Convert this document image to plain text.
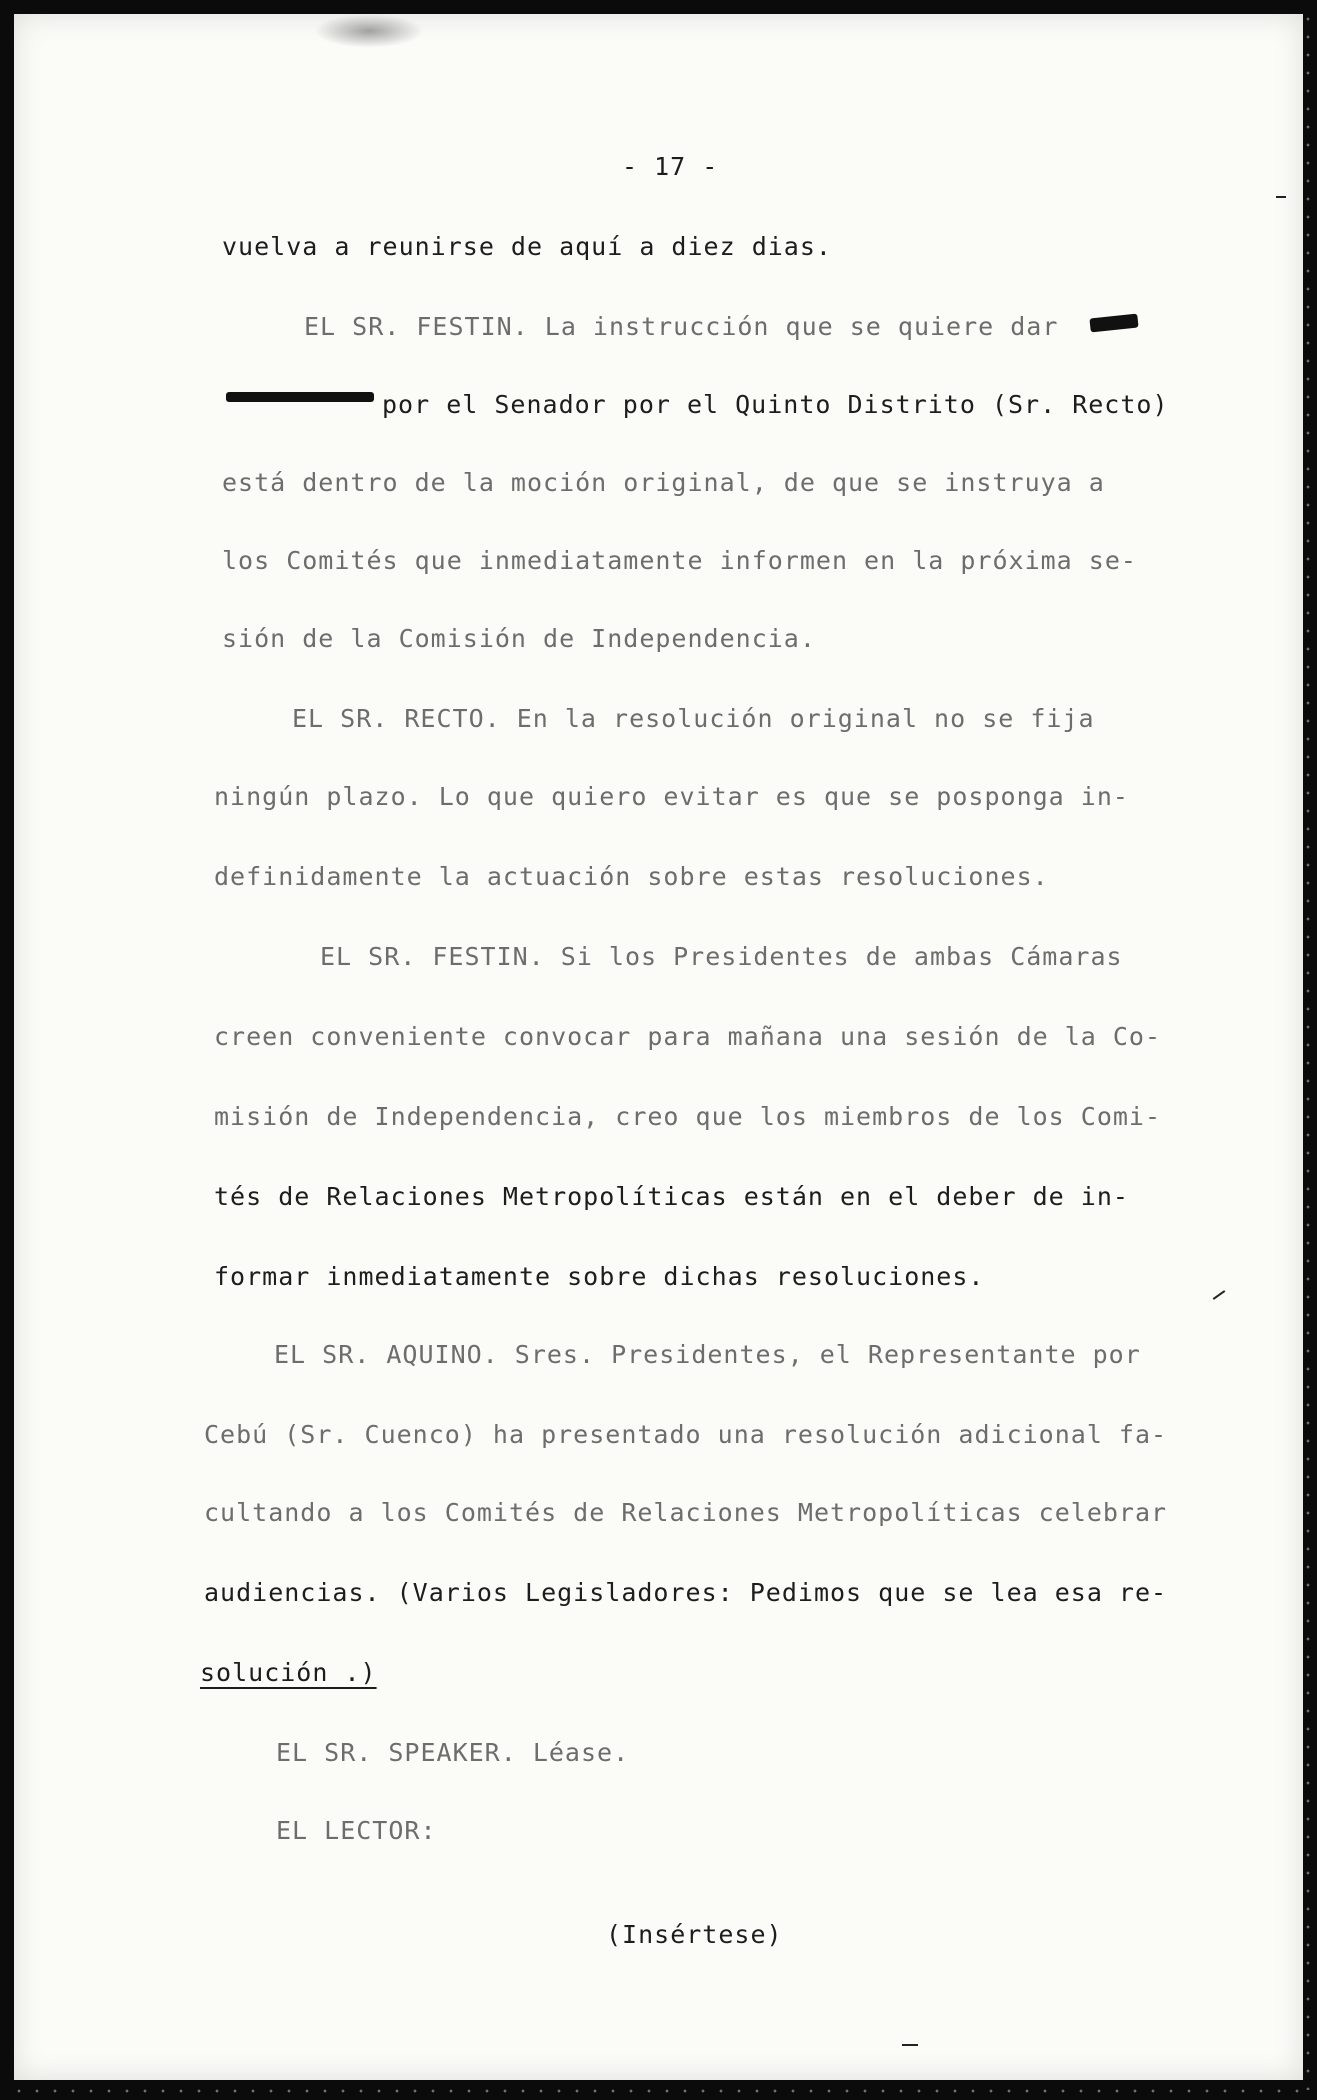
- 17 -
vuelva a reunirse de aquí a diez dias.
EL SR. FESTIN. La instrucción que se quiere dar
por el Senador por el Quinto Distrito (Sr. Recto)
está dentro de la moción original, de que se instruya a
los Comités que inmediatamente informen en la próxima se-
sión de la Comisión de Independencia.
EL SR. RECTO. En la resolución original no se fija
ningún plazo. Lo que quiero evitar es que se posponga in-
definidamente la actuación sobre estas resoluciones.
EL SR. FESTIN. Si los Presidentes de ambas Cámaras
creen conveniente convocar para mañana una sesión de la Co-
misión de Independencia, creo que los miembros de los Comi-
tés de Relaciones Metropolíticas están en el deber de in-
formar inmediatamente sobre dichas resoluciones.
EL SR. AQUINO. Sres. Presidentes, el Representante por
Cebú (Sr. Cuenco) ha presentado una resolución adicional fa-
cultando a los Comités de Relaciones Metropolíticas celebrar
audiencias. (Varios Legisladores: Pedimos que se lea esa re-
solución .)
EL SR. SPEAKER. Léase.
EL LECTOR:
(Insértese)
